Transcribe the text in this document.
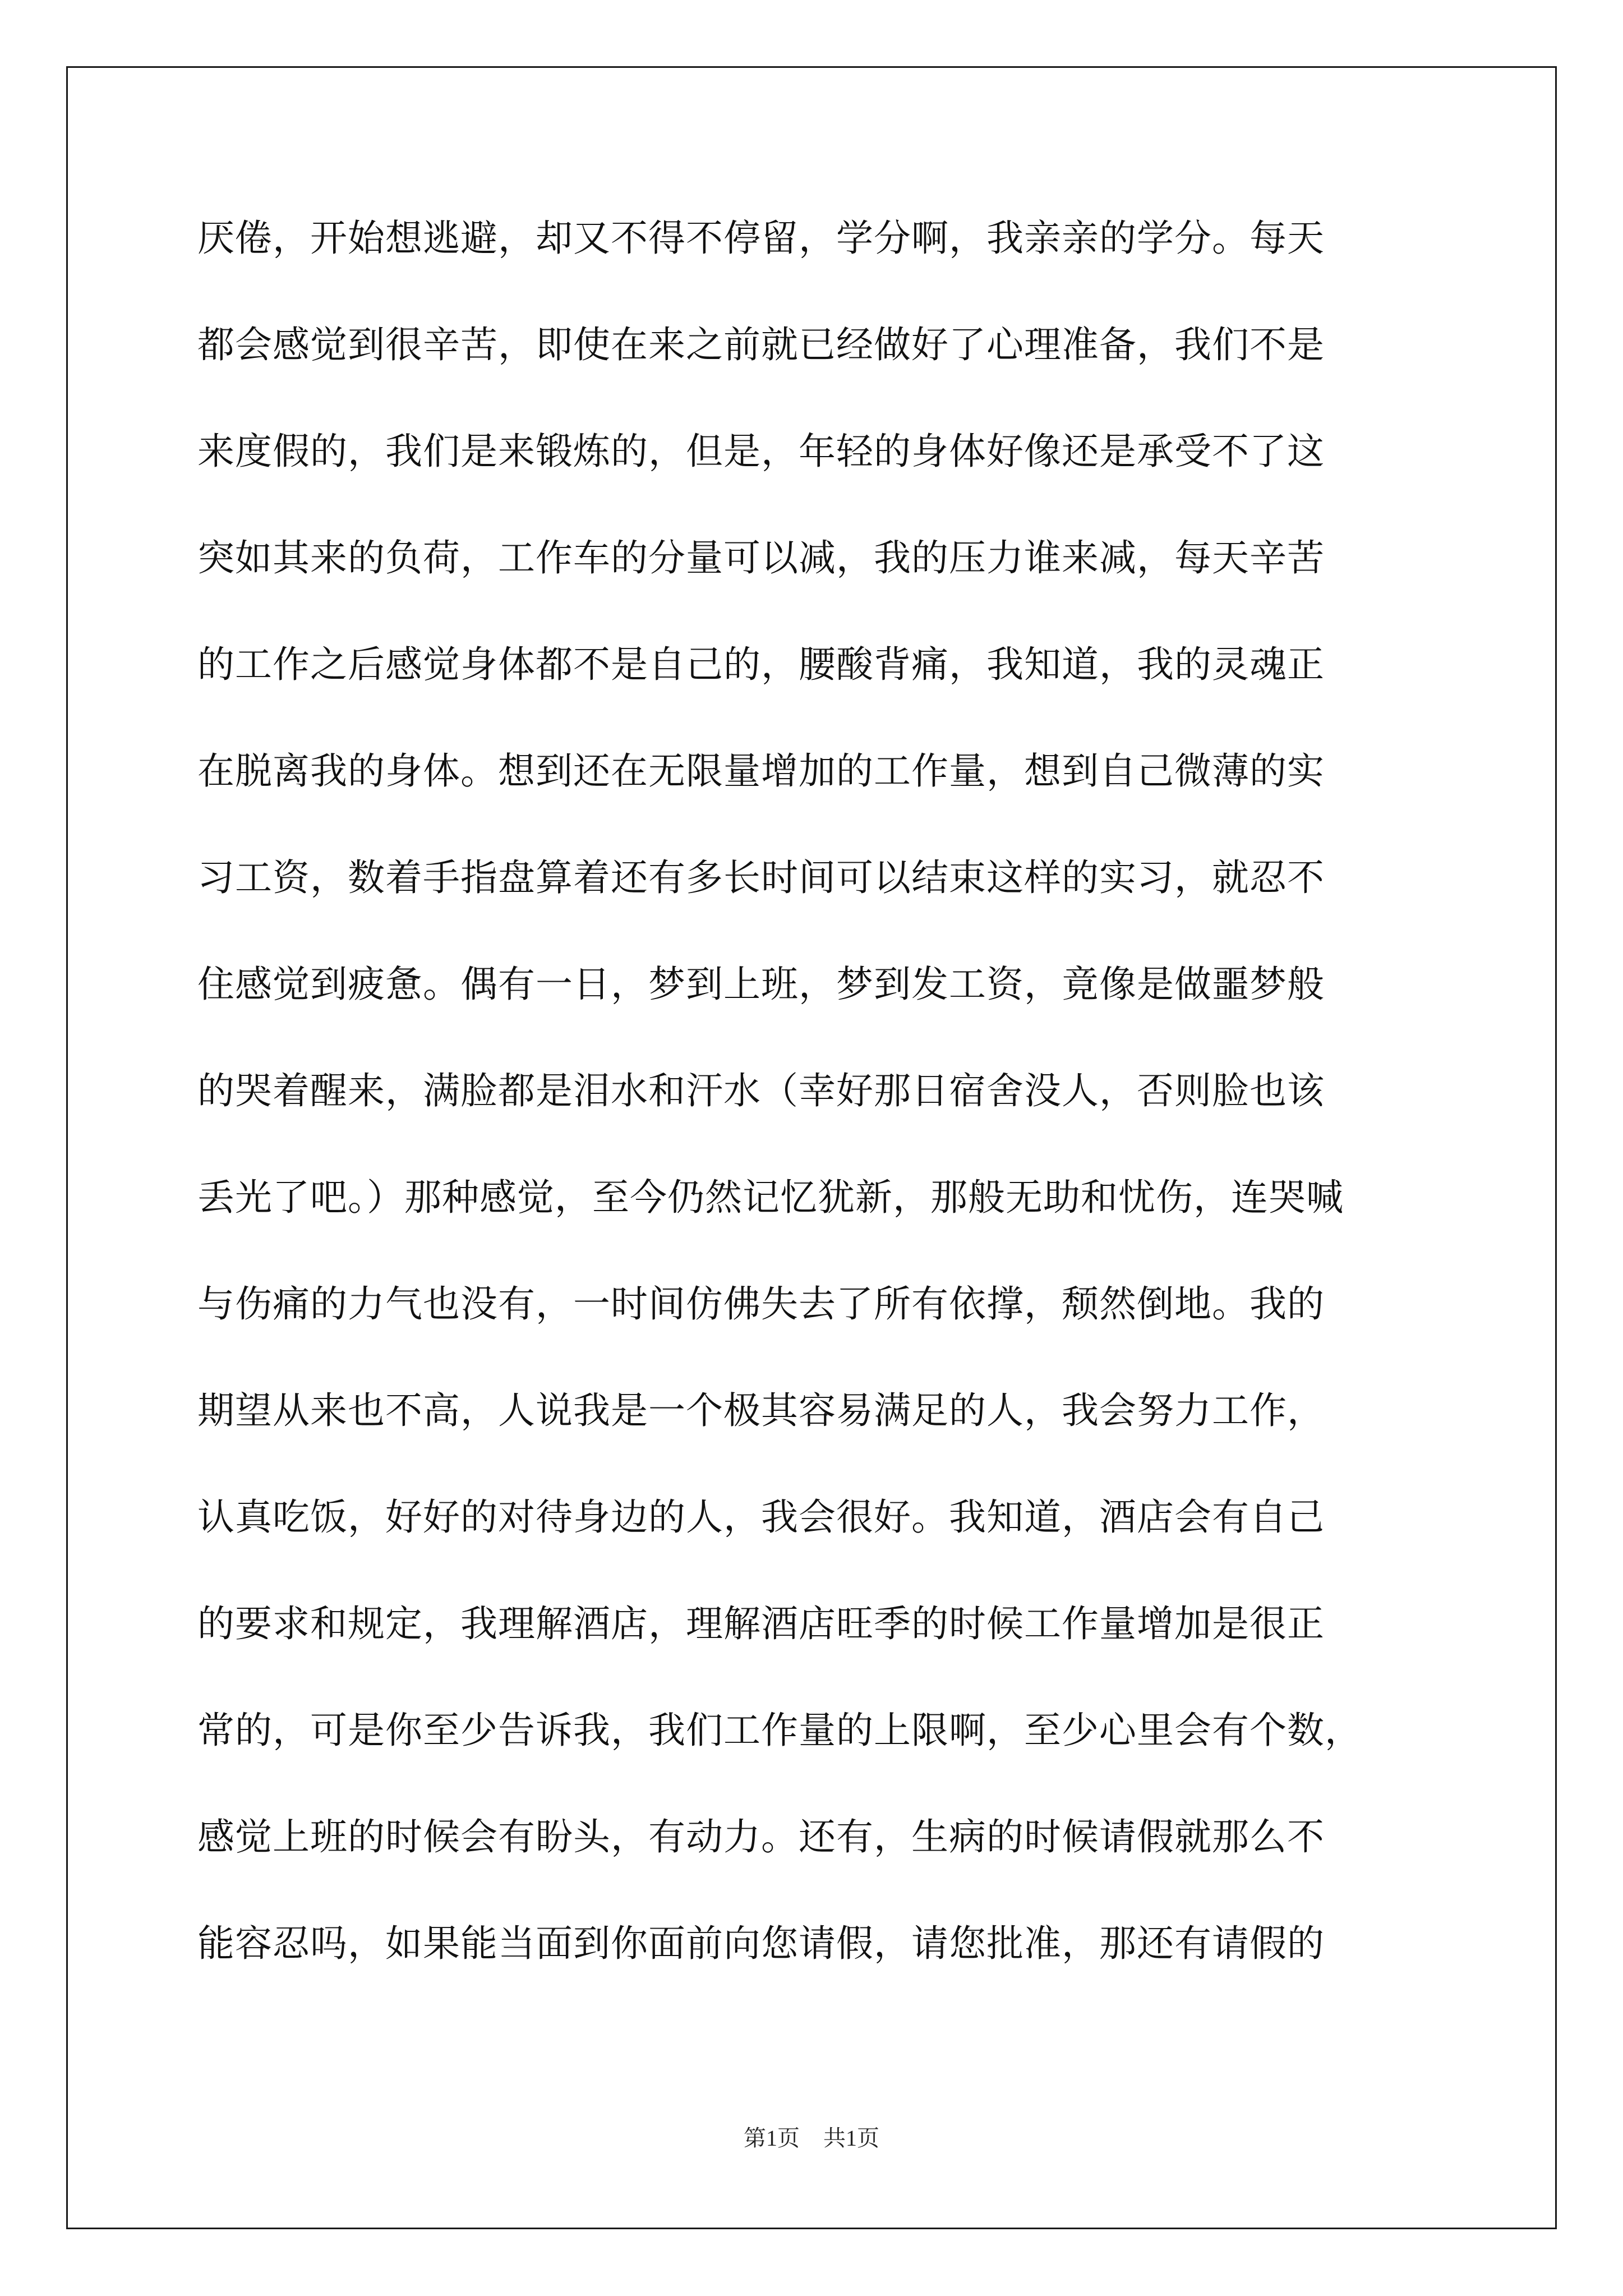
厌倦，开始想逃避，却又不得不停留，学分啊，我亲亲的学分。每天
都会感觉到很辛苦，即使在来之前就已经做好了心理准备，我们不是
来度假的，我们是来锻炼的，但是，年轻的身体好像还是承受不了这
突如其来的负荷，工作车的分量可以减，我的压力谁来减，每天辛苦
的工作之后感觉身体都不是自己的，腰酸背痛，我知道，我的灵魂正
在脱离我的身体。想到还在无限量增加的工作量，想到自己微薄的实
习工资，数着手指盘算着还有多长时间可以结束这样的实习，就忍不
住感觉到疲惫。偶有一日，梦到上班，梦到发工资，竟像是做噩梦般
的哭着醒来，满脸都是泪水和汗水（幸好那日宿舍没人，否则脸也该
丢光了吧。）那种感觉，至今仍然记忆犹新，那般无助和忧伤，连哭喊
与伤痛的力气也没有，一时间仿佛失去了所有依撑，颓然倒地。我的
期望从来也不高，人说我是一个极其容易满足的人，我会努力工作，
认真吃饭，好好的对待身边的人，我会很好。我知道，酒店会有自己
的要求和规定，我理解酒店，理解酒店旺季的时候工作量增加是很正
常的，可是你至少告诉我，我们工作量的上限啊，至少心里会有个数，
感觉上班的时候会有盼头，有动力。还有，生病的时候请假就那么不
能容忍吗，如果能当面到你面前向您请假，请您批准，那还有请假的
第1页 共1页
